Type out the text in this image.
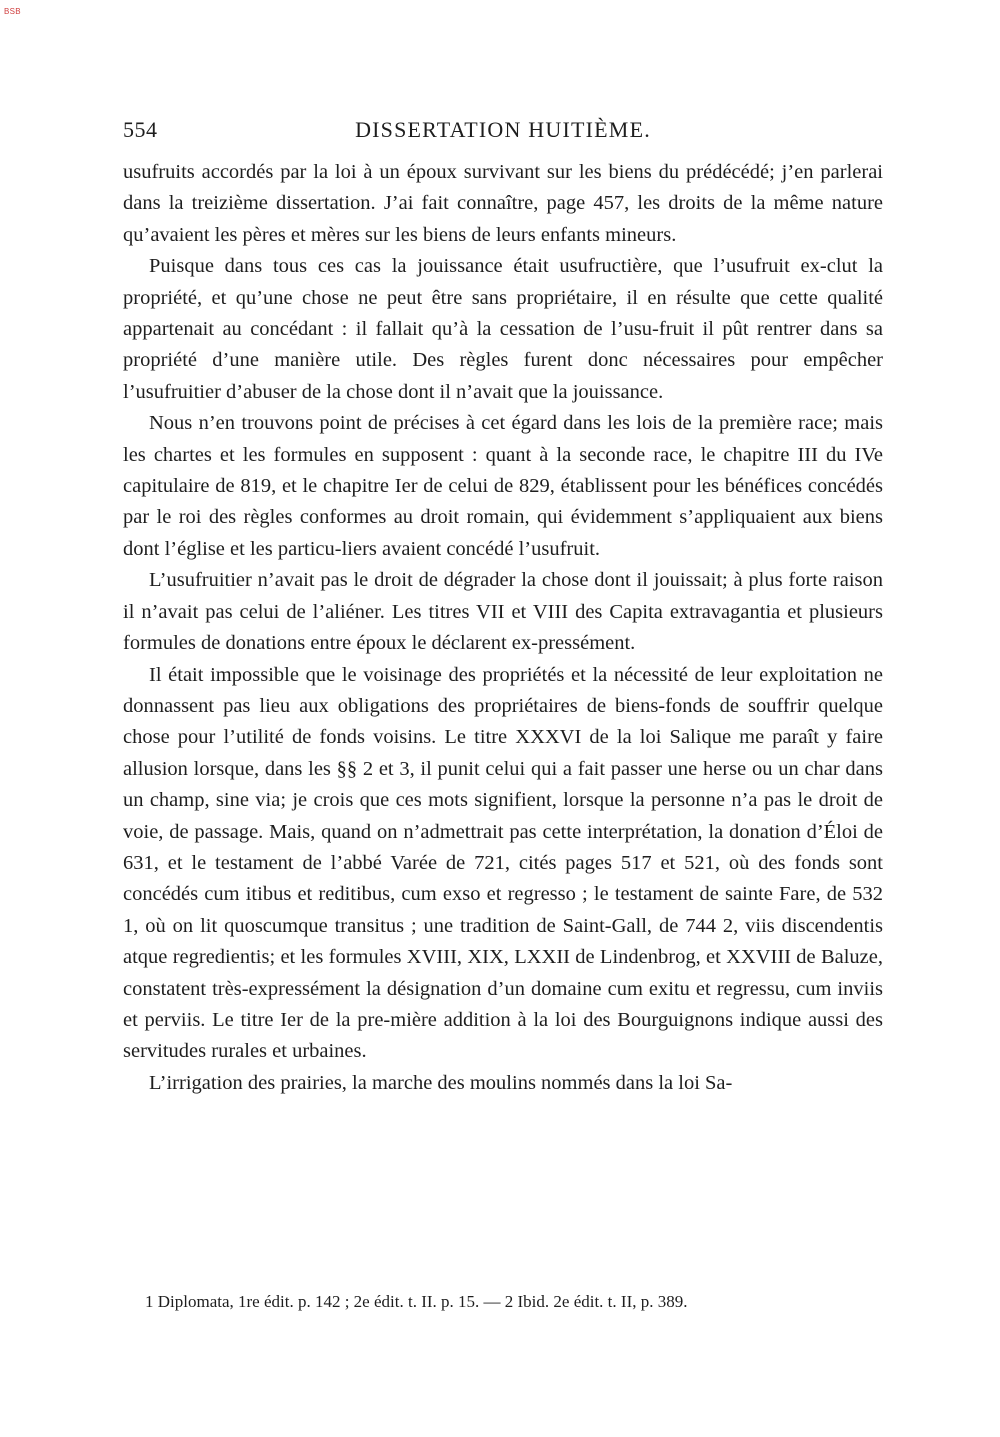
BSB
554	DISSERTATION HUITIÈME.

usufruits accordés par la loi à un époux survivant sur les biens du prédécédé; j’en parlerai dans la treizième dissertation. J’ai fait connaître, page 457, les droits de la même nature qu’avaient les pères et mères sur les biens de leurs enfants mineurs.

Puisque dans tous ces cas la jouissance était usufructière, que l’usufruit ex-clut la propriété, et qu’une chose ne peut être sans propriétaire, il en résulte que cette qualité appartenait au concédant : il fallait qu’à la cessation de l’usu-fruit il pût rentrer dans sa propriété d’une manière utile. Des règles furent donc nécessaires pour empêcher l’usufruitier d’abuser de la chose dont il n’avait que la jouissance.

Nous n’en trouvons point de précises à cet égard dans les lois de la première race; mais les chartes et les formules en supposent : quant à la seconde race, le chapitre III du IVe capitulaire de 819, et le chapitre Ier de celui de 829, établissent pour les bénéfices concédés par le roi des règles conformes au droit romain, qui évidemment s’appliquaient aux biens dont l’église et les particu-liers avaient concédé l’usufruit.

L’usufruitier n’avait pas le droit de dégrader la chose dont il jouissait; à plus forte raison il n’avait pas celui de l’aliéner. Les titres VII et VIII des Capita extravagantia et plusieurs formules de donations entre époux le déclarent ex-pressément.

Il était impossible que le voisinage des propriétés et la nécessité de leur exploitation ne donnassent pas lieu aux obligations des propriétaires de biens-fonds de souffrir quelque chose pour l’utilité de fonds voisins. Le titre XXXVI de la loi Salique me paraît y faire allusion lorsque, dans les §§ 2 et 3, il punit celui qui a fait passer une herse ou un char dans un champ, sine via; je crois que ces mots signifient, lorsque la personne n’a pas le droit de voie, de passage. Mais, quand on n’admettrait pas cette interprétation, la donation d’Éloi de 631, et le testament de l’abbé Varée de 721, cités pages 517 et 521, où des fonds sont concédés cum itibus et reditibus, cum exso et regresso ; le testament de sainte Fare, de 532 1, où on lit quoscumque transitus ; une tradition de Saint-Gall, de 744 2, viis discendentis atque regredientis; et les formules XVIII, XIX, LXXII de Lindenbrog, et XXVIII de Baluze, constatent très-expressément la désignation d’un domaine cum exitu et regressu, cum inviis et perviis. Le titre Ier de la pre-mière addition à la loi des Bourguignons indique aussi des servitudes rurales et urbaines.

L’irrigation des prairies, la marche des moulins nommés dans la loi Sa-

1 Diplomata, 1re édit. p. 142 ; 2e édit. t. II. p. 15. — 2 Ibid. 2e édit. t. II, p. 389.
